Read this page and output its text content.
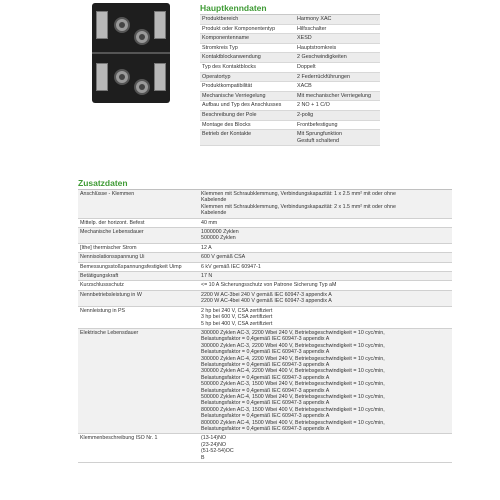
Hauptkenndaten
Produktbereich	Harmony XAC
Produkt oder Komponententyp	Hilfsschalter
Komponentenname	XESD
Stromkreis Typ	Hauptstromkreis
Kontaktblockanwendung	2 Geschwindigkeiten
Typ des Kontaktblocks	Doppelt
Operatortyp	2 Federrückführungen
Produktkompatibilität	XACB
Mechanische Verriegelung	Mit mechanischer Verriegelung
Aufbau und Typ des Anschlusses	2 NO + 1 C/O
Beschreibung der Pole	2-polig
Montage des Blocks	Frontbefestigung
Betrieb der Kontakte	Mit Sprungfunktion
Gestuft schaltend
Zusatzdaten
Anschlüsse - Klemmen	Klemmen mit Schraubklemmung, Verbindungskapazität: 1 x 2.5 mm² mit oder ohne
Kabelende
Klemmen mit Schraubklemmung, Verbindungskapazität: 2 x 1.5 mm² mit oder ohne
Kabelende
Mittelp. der horizont. Befest	40 mm
Mechanische Lebensdauer	1000000 Zyklen
500000 Zyklen
[Ithe] thermischer Strom	12 A
Nennisolationsspannung Ui	600 V gemäß CSA
Bemessungsstoßspannungsfestigkeit Uimp	6 kV gemäß IEC 60947-1
Betätigungskraft	17 N
Kurzschlussschutz	<= 10 A Sicherungsschutz von Patrone Sicherung Typ aM
Nennbetriebsleistung in W	2200 W AC-3bei 240 V gemäß IEC 60947-3 appendix A
2200 W AC-4bei 400 V gemäß IEC 60947-3 appendix A
Nennleistung in PS	2 hp bei 240 V, CSA zertifiziert
3 hp bei 600 V, CSA zertifiziert
5 hp bei 400 V, CSA zertifiziert
Elektrische Lebensdauer	300000 Zyklen AC-3, 2200 Wbei 240 V, Betriebsgeschwindigkeit = 10 cyc/min,
Belastungsfaktor = 0,4gemäß IEC 60947-3 appendix A
300000 Zyklen AC-3, 2200 Wbei 400 V, Betriebsgeschwindigkeit = 10 cyc/min,
Belastungsfaktor = 0,4gemäß IEC 60947-3 appendix A
300000 Zyklen AC-4, 2200 Wbei 240 V, Betriebsgeschwindigkeit = 10 cyc/min,
Belastungsfaktor = 0,4gemäß IEC 60947-3 appendix A
300000 Zyklen AC-4, 2200 Wbei 400 V, Betriebsgeschwindigkeit = 10 cyc/min,
Belastungsfaktor = 0,4gemäß IEC 60947-3 appendix A
500000 Zyklen AC-3, 1500 Wbei 240 V, Betriebsgeschwindigkeit = 10 cyc/min,
Belastungsfaktor = 0,4gemäß IEC 60947-3 appendix A
500000 Zyklen AC-4, 1500 Wbei 240 V, Betriebsgeschwindigkeit = 10 cyc/min,
Belastungsfaktor = 0,4gemäß IEC 60947-3 appendix A
800000 Zyklen AC-3, 1500 Wbei 400 V, Betriebsgeschwindigkeit = 10 cyc/min,
Belastungsfaktor = 0,4gemäß IEC 60947-3 appendix A
800000 Zyklen AC-4, 1500 Wbei 400 V, Betriebsgeschwindigkeit = 10 cyc/min,
Belastungsfaktor = 0,4gemäß IEC 60947-3 appendix A
Klemmenbeschreibung ISO Nr. 1	(13-14)NO
(23-24)NO
(51-52-54)OC
B
